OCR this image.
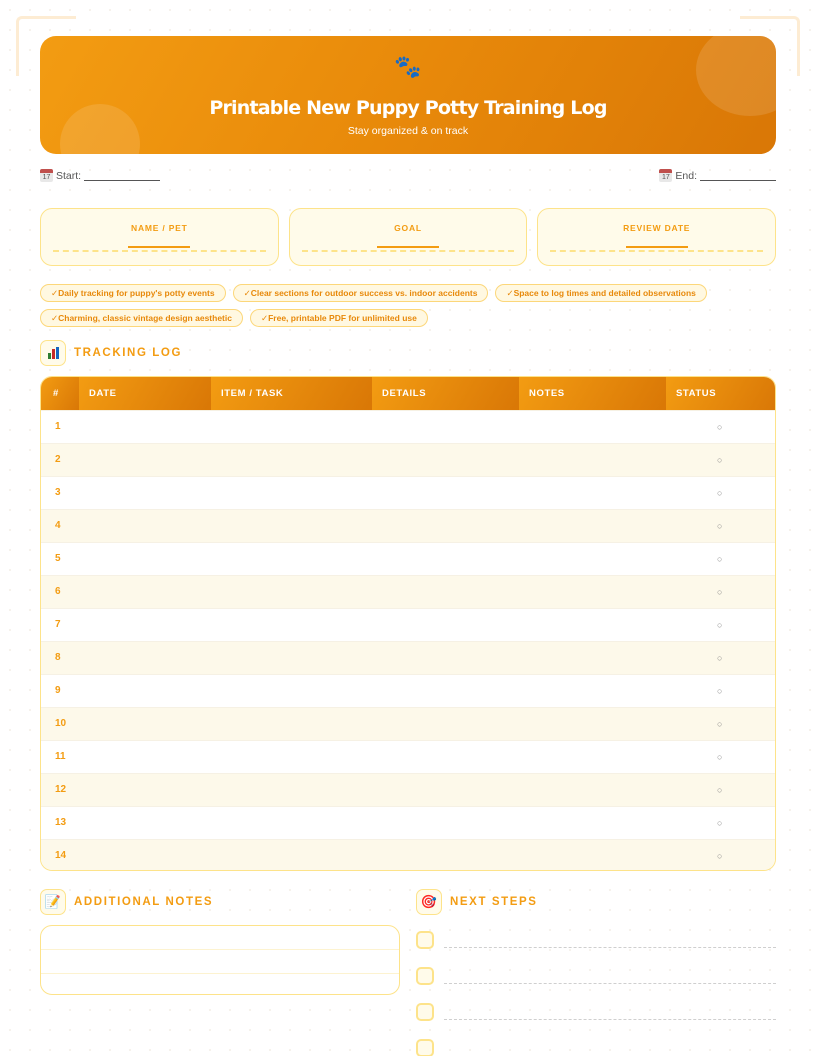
🐾
Printable New Puppy Potty Training Log
Stay organized & on track
17 Start:	17 End:
NAME / PET	GOAL	REVIEW DATE
✓Daily tracking for puppy's potty events	✓Clear sections for outdoor success vs. indoor accidents	✓Space to log times and detailed observations
✓Charming, classic vintage design aesthetic	✓Free, printable PDF for unlimited use
TRACKING LOG
#	DATE	ITEM / TASK	DETAILS	NOTES	STATUS
1					○
2					○
3					○
4					○
5					○
6					○
7					○
8					○
9					○
10					○
11					○
12					○
13					○
14					○
📝	ADDITIONAL NOTES	🎯	NEXT STEPS
